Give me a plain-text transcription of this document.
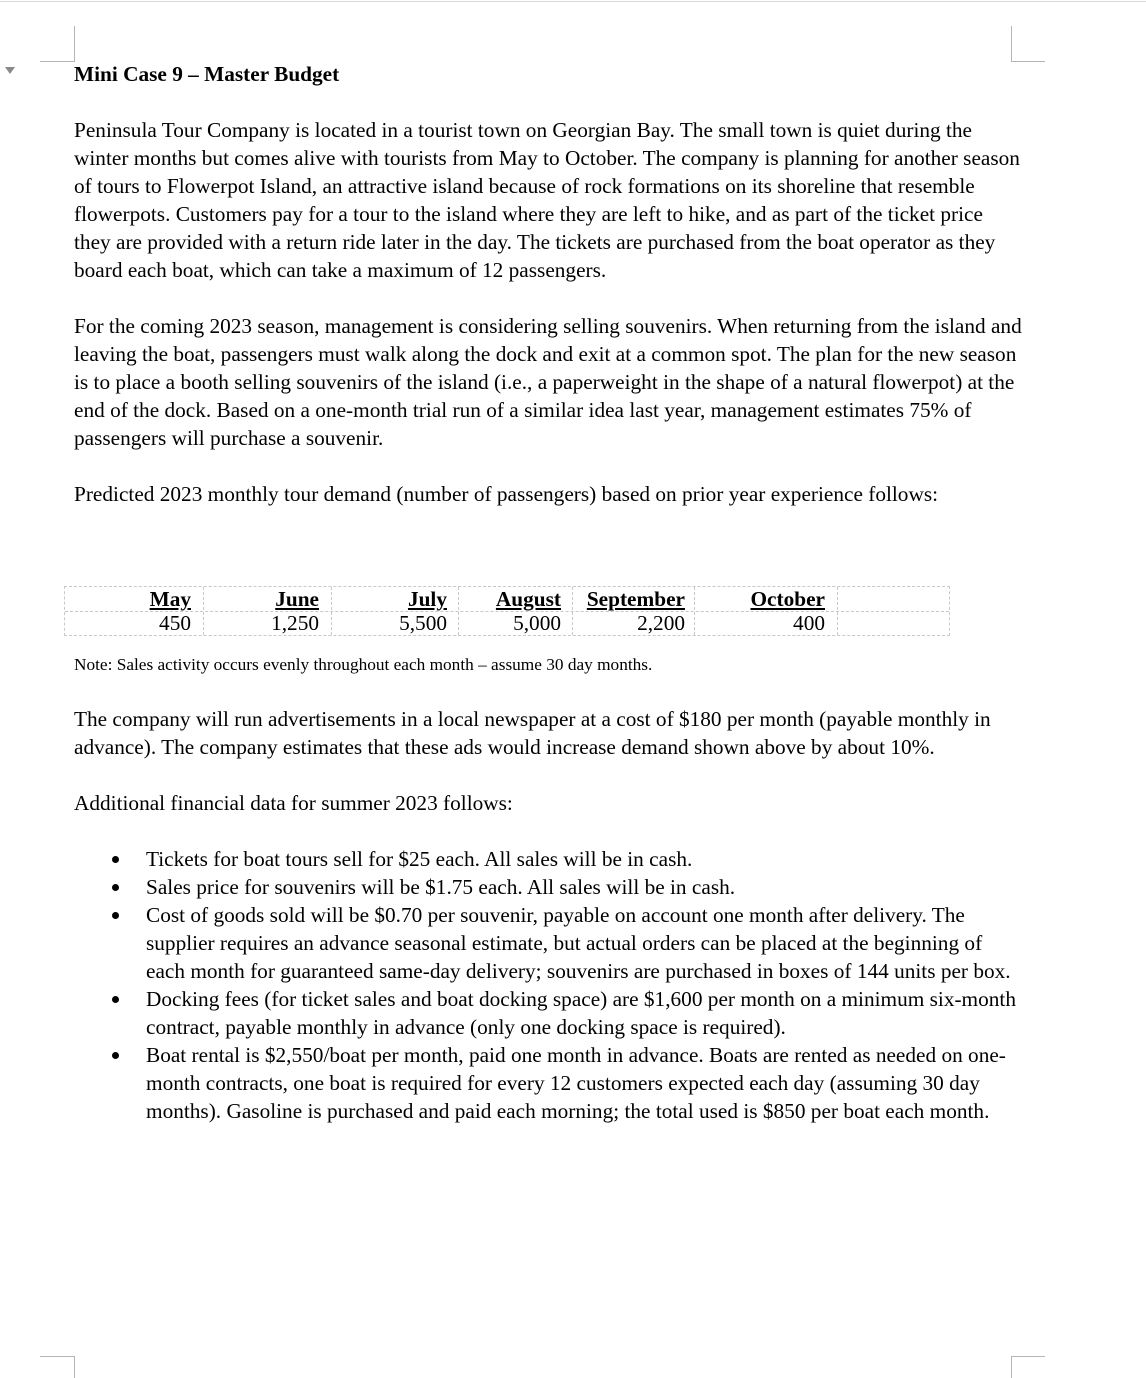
Mini Case 9 – Master Budget

Peninsula Tour Company is located in a tourist town on Georgian Bay. The small town is quiet during the winter months but comes alive with tourists from May to October. The company is planning for another season of tours to Flowerpot Island, an attractive island because of rock formations on its shoreline that resemble flowerpots. Customers pay for a tour to the island where they are left to hike, and as part of the ticket price they are provided with a return ride later in the day. The tickets are purchased from the boat operator as they board each boat, which can take a maximum of 12 passengers.

For the coming 2023 season, management is considering selling souvenirs. When returning from the island and leaving the boat, passengers must walk along the dock and exit at a common spot. The plan for the new season is to place a booth selling souvenirs of the island (i.e., a paperweight in the shape of a natural flowerpot) at the end of the dock. Based on a one-month trial run of a similar idea last year, management estimates 75% of passengers will purchase a souvenir.

Predicted 2023 monthly tour demand (number of passengers) based on prior year experience follows:

May
450
June
1,250
July
5,500
August
5,000
September
2,200
October
400
Note: Sales activity occurs evenly throughout each month – assume 30 day months.

The company will run advertisements in a local newspaper at a cost of $180 per month (payable monthly in advance). The company estimates that these ads would increase demand shown above by about 10%.

Additional financial data for summer 2023 follows:

Tickets for boat tours sell for $25 each. All sales will be in cash.
Sales price for souvenirs will be $1.75 each. All sales will be in cash.
Cost of goods sold will be $0.70 per souvenir, payable on account one month after delivery. The supplier requires an advance seasonal estimate, but actual orders can be placed at the beginning of each month for guaranteed same-day delivery; souvenirs are purchased in boxes of 144 units per box.
Docking fees (for ticket sales and boat docking space) are $1,600 per month on a minimum six-month contract, payable monthly in advance (only one docking space is required).
Boat rental is $2,550/boat per month, paid one month in advance. Boats are rented as needed on one-month contracts, one boat is required for every 12 customers expected each day (assuming 30 day months). Gasoline is purchased and paid each morning; the total used is $850 per boat each month.
